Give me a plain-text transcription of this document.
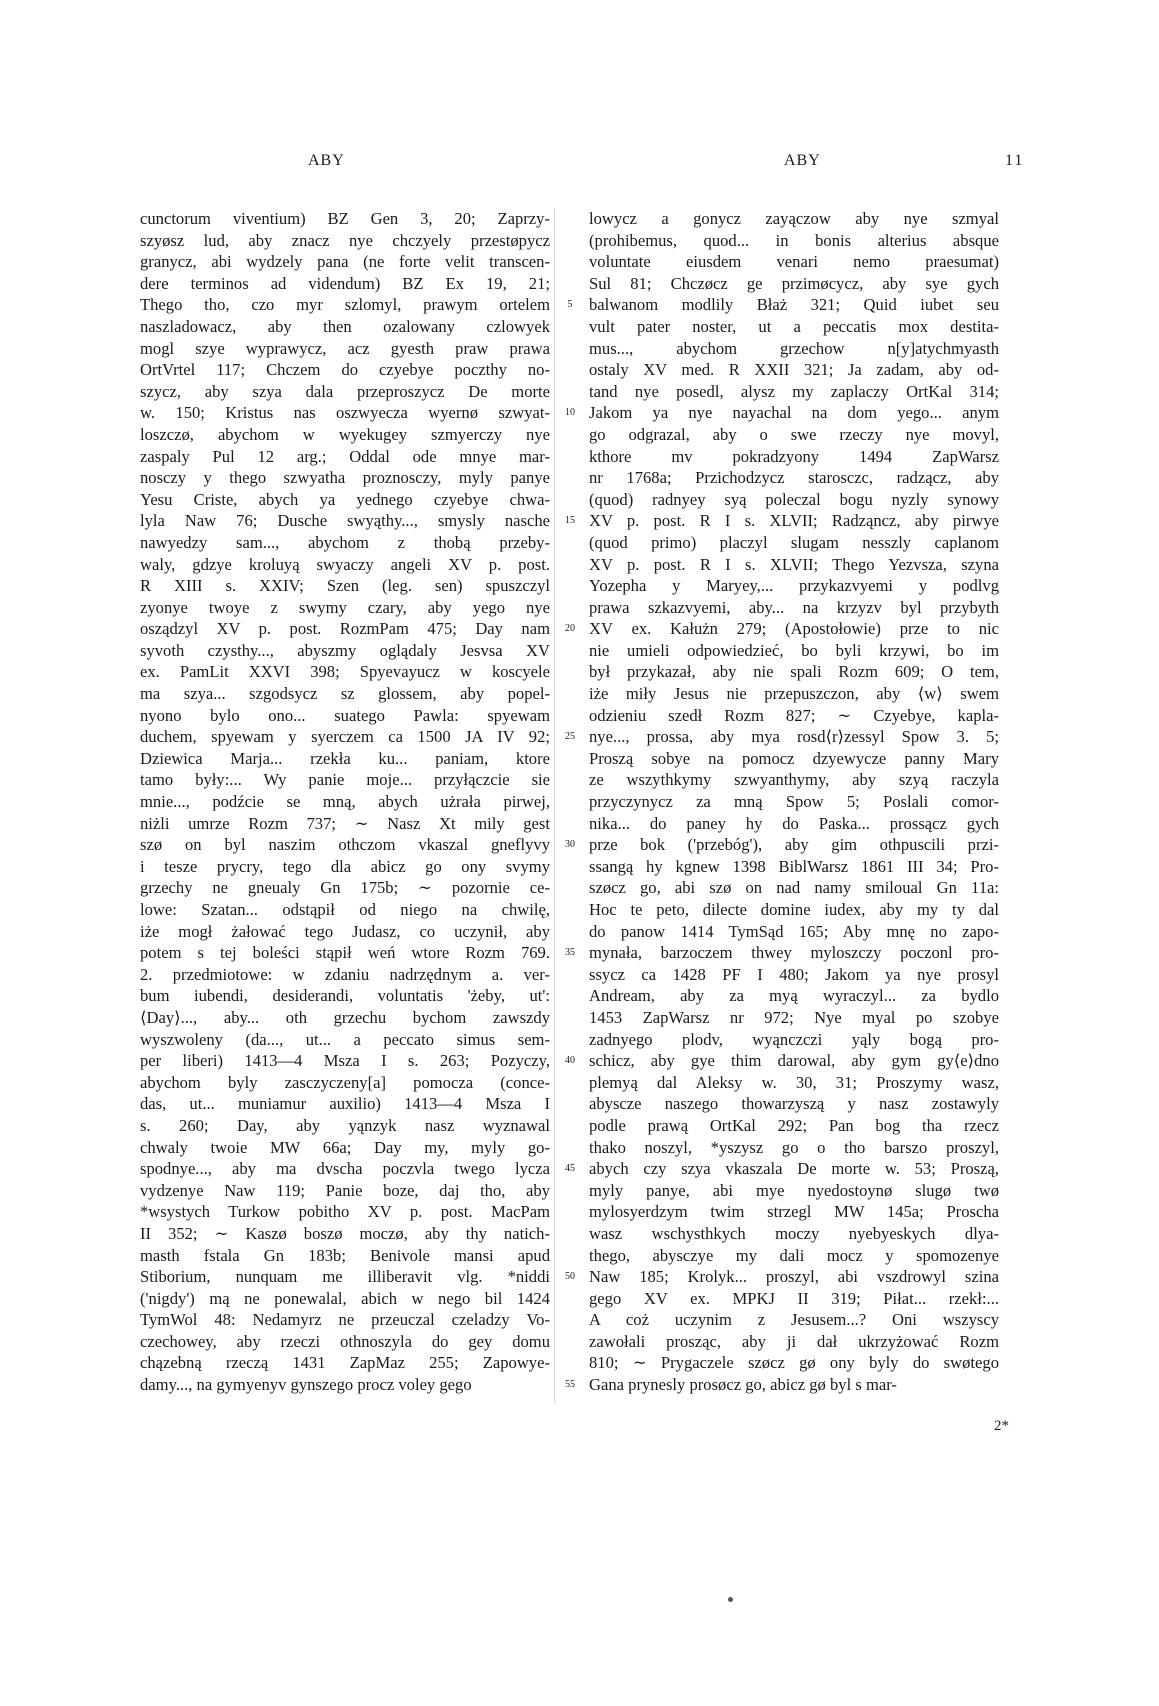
ABY	ABY	11
cunctorum viventium) BZ Gen 3, 20; Zaprzy-
szyøsz lud, aby znacz nye chczyely przestøpycz
granycz, abi wydzely pana (ne forte velit transcen-
dere terminos ad videndum) BZ Ex 19, 21;
Thego tho, czo myr szlomyl, prawym ortelem
naszladowacz, aby then ozalowany czlowyek
mogl szye wyprawycz, acz gyesth praw prawa
OrtVrtel 117; Chczem do czyebye poczthy no-
szycz, aby szya dala przeproszycz De morte
w. 150; Kristus nas oszwyecza wyernø szwyat-
loszczø, abychom w wyekugey szmyerczy nye
zaspaly Pul 12 arg.; Oddal ode mnye mar-
nosczy y thego szwyatha proznosczy, myly panye
Yesu Criste, abych ya yednego czyebye chwa-
lyla Naw 76; Dusche swyąthy..., smysly nasche
nawyedzy sam..., abychom z thobą przeby-
waly, gdzye kroluyą swyaczy angeli XV p. post.
R XIII s. XXIV; Szen (leg. sen) spuszczyl
zyonye twoye z swymy czary, aby yego nye
osządzyl XV p. post. RozmPam 475; Day nam
syvoth czysthy..., abyszmy oglądaly Jesvsa XV
ex. PamLit XXVI 398; Spyevayucz w koscyele
ma szya... szgodsycz sz glossem, aby popel-
nyono bylo ono... suatego Pawla: spyewam
duchem, spyewam y syerczem ca 1500 JA IV 92;
Dziewica Marja... rzekła ku... paniam, ktore
tamo były:... Wy panie moje... przyłączcie sie
mnie..., podźcie se mną, abych użrała pirwej,
niżli umrze Rozm 737; ∼ Nasz Xt mily gest
szø on byl naszim othczom vkaszal gneflyvy
i tesze prycry, tego dla abicz go ony svymy
grzechy ne gneualy Gn 175b; ∼ pozornie ce-
lowe: Szatan... odstąpił od niego na chwilę,
iże mogł żałować tego Judasz, co uczynił, aby
potem s tej boleści stąpił weń wtore Rozm 769.
2. przedmiotowe: w zdaniu nadrzędnym a. ver-
bum iubendi, desiderandi, voluntatis 'żeby, ut':
⟨Day⟩..., aby... oth grzechu bychom zawszdy
wyszwoleny (da..., ut... a peccato simus sem-
per liberi) 1413—4 Msza I s. 263; Pozyczy,
abychom byly zasczyczeny[a] pomocza (conce-
das, ut... muniamur auxilio) 1413—4 Msza I
s. 260; Day, aby yąnzyk nasz wyznawal
chwaly twoie MW 66a; Day my, myly go-
spodnye..., aby ma dvscha poczvla twego lycza
vydzenye Naw 119; Panie boze, daj tho, aby
*wsystych Turkow pobitho XV p. post. MacPam
II 352; ∼ Kaszø boszø moczø, aby thy natich-
masth fstala Gn 183b; Benivole mansi apud
Stiborium, nunquam me illiberavit vlg. *niddi
('nigdy') mą ne ponewalal, abich w nego bil 1424
TymWol 48: Nedamyrz ne przeuczal czeladzy Vo-
czechowey, aby rzeczi othnoszyla do gey domu
chązebną rzeczą 1431 ZapMaz 255; Zapowye-
damy..., na gymyenyv gynszego procz voley gego
5
10
15
20
25
30
35
40
45
50
55
lowycz a gonycz zayączow aby nye szmyal
(prohibemus, quod... in bonis alterius absque
voluntate eiusdem venari nemo praesumat)
Sul 81; Chczøcz ge przimøcycz, aby sye gych
balwanom modlily Błaż 321; Quid iubet seu
vult pater noster, ut a peccatis mox destita-
mus..., abychom grzechow n[y]atychmyasth
ostaly XV med. R XXII 321; Ja zadam, aby od-
tand nye posedl, alysz my zaplaczy OrtKal 314;
Jakom ya nye nayachal na dom yego... anym
go odgrazal, aby o swe rzeczy nye movyl,
kthore mv pokradzyony 1494 ZapWarsz
nr 1768a; Przichodzycz starosczc, radząсz, aby
(quod) radnyey syą poleczal bogu nyzly synowy
XV p. post. R I s. XLVII; Radząncz, aby pirwye
(quod primo) placzyl slugam nesszly caplanom
XV p. post. R I s. XLVII; Thego Yezvsza, szyna
Yozepha y Maryey,... przykazvyemi y podlvg
prawa szkazvyemi, aby... na krzyzv byl przybyth
XV ex. Kałużn 279; (Apostołowie) prze to nic
nie umieli odpowiedzieć, bo byli krzywi, bo im
był przykazał, aby nie spali Rozm 609; O tem,
iże miły Jesus nie przepuszczon, aby ⟨w⟩ swem
odzieniu szedł Rozm 827; ∼ Czyebye, kapla-
nye..., prossa, aby mya rosd⟨r⟩zessyl Spow 3. 5;
Proszą sobye na pomocz dzyewycze panny Mary
ze wszythkymy szwyanthymy, aby szyą raczyla
przyczynycz za mną Spow 5; Poslali comor-
nika... do paney hy do Paska... prossącz gych
prze bok ('przebóg'), aby gim othpuscili przi-
ssangą hy kgnew 1398 BiblWarsz 1861 III 34; Pro-
szøcz go, abi szø on nad namy smiloual Gn 11a:
Hoc te peto, dilecte domine iudex, aby my ty dal
do panow 1414 TymSąd 165; Aby mnę no zapo-
mynała, barzoczem thwey myloszczy poczonl pro-
ssycz ca 1428 PF I 480; Jakom ya nye prosyl
Andream, aby za myą wyraczyl... za bydlo
1453 ZapWarsz nr 972; Nye myal po szobye
zadnyego plodv, wyąnczczi yąly bogą pro-
schicz, aby gye thim darowal, aby gym gy⟨e⟩dno
plemyą dal Aleksy w. 30, 31; Proszymy wasz,
abyscze naszego thowarzyszą y nasz zostawyly
podle prawą OrtKal 292; Pan bog tha rzecz
thako noszyl, *yszysz go o tho barszo proszyl,
abych czy szya vkaszala De morte w. 53; Proszą,
myly panye, abi mye nyedostoynø slugø twø
mylosyerdzym twim strzegl MW 145a; Proscha
wasz wschysthkych moczy nyebyeskych dlya-
thego, abysczye my dali mocz y spomozenye
Naw 185; Krolyk... proszyl, abi vszdrowyl szina
gego XV ex. MPKJ II 319; Piłat... rzekł:...
A coż uczynim z Jesusem...? Oni wszyscy
zawołali prosząc, aby ji dał ukrzyżować Rozm
810; ∼ Prygaczele szøcz gø ony byly do swøtego
Gana prynesly prosøcz go, abicz gø byl s mar-
2*
